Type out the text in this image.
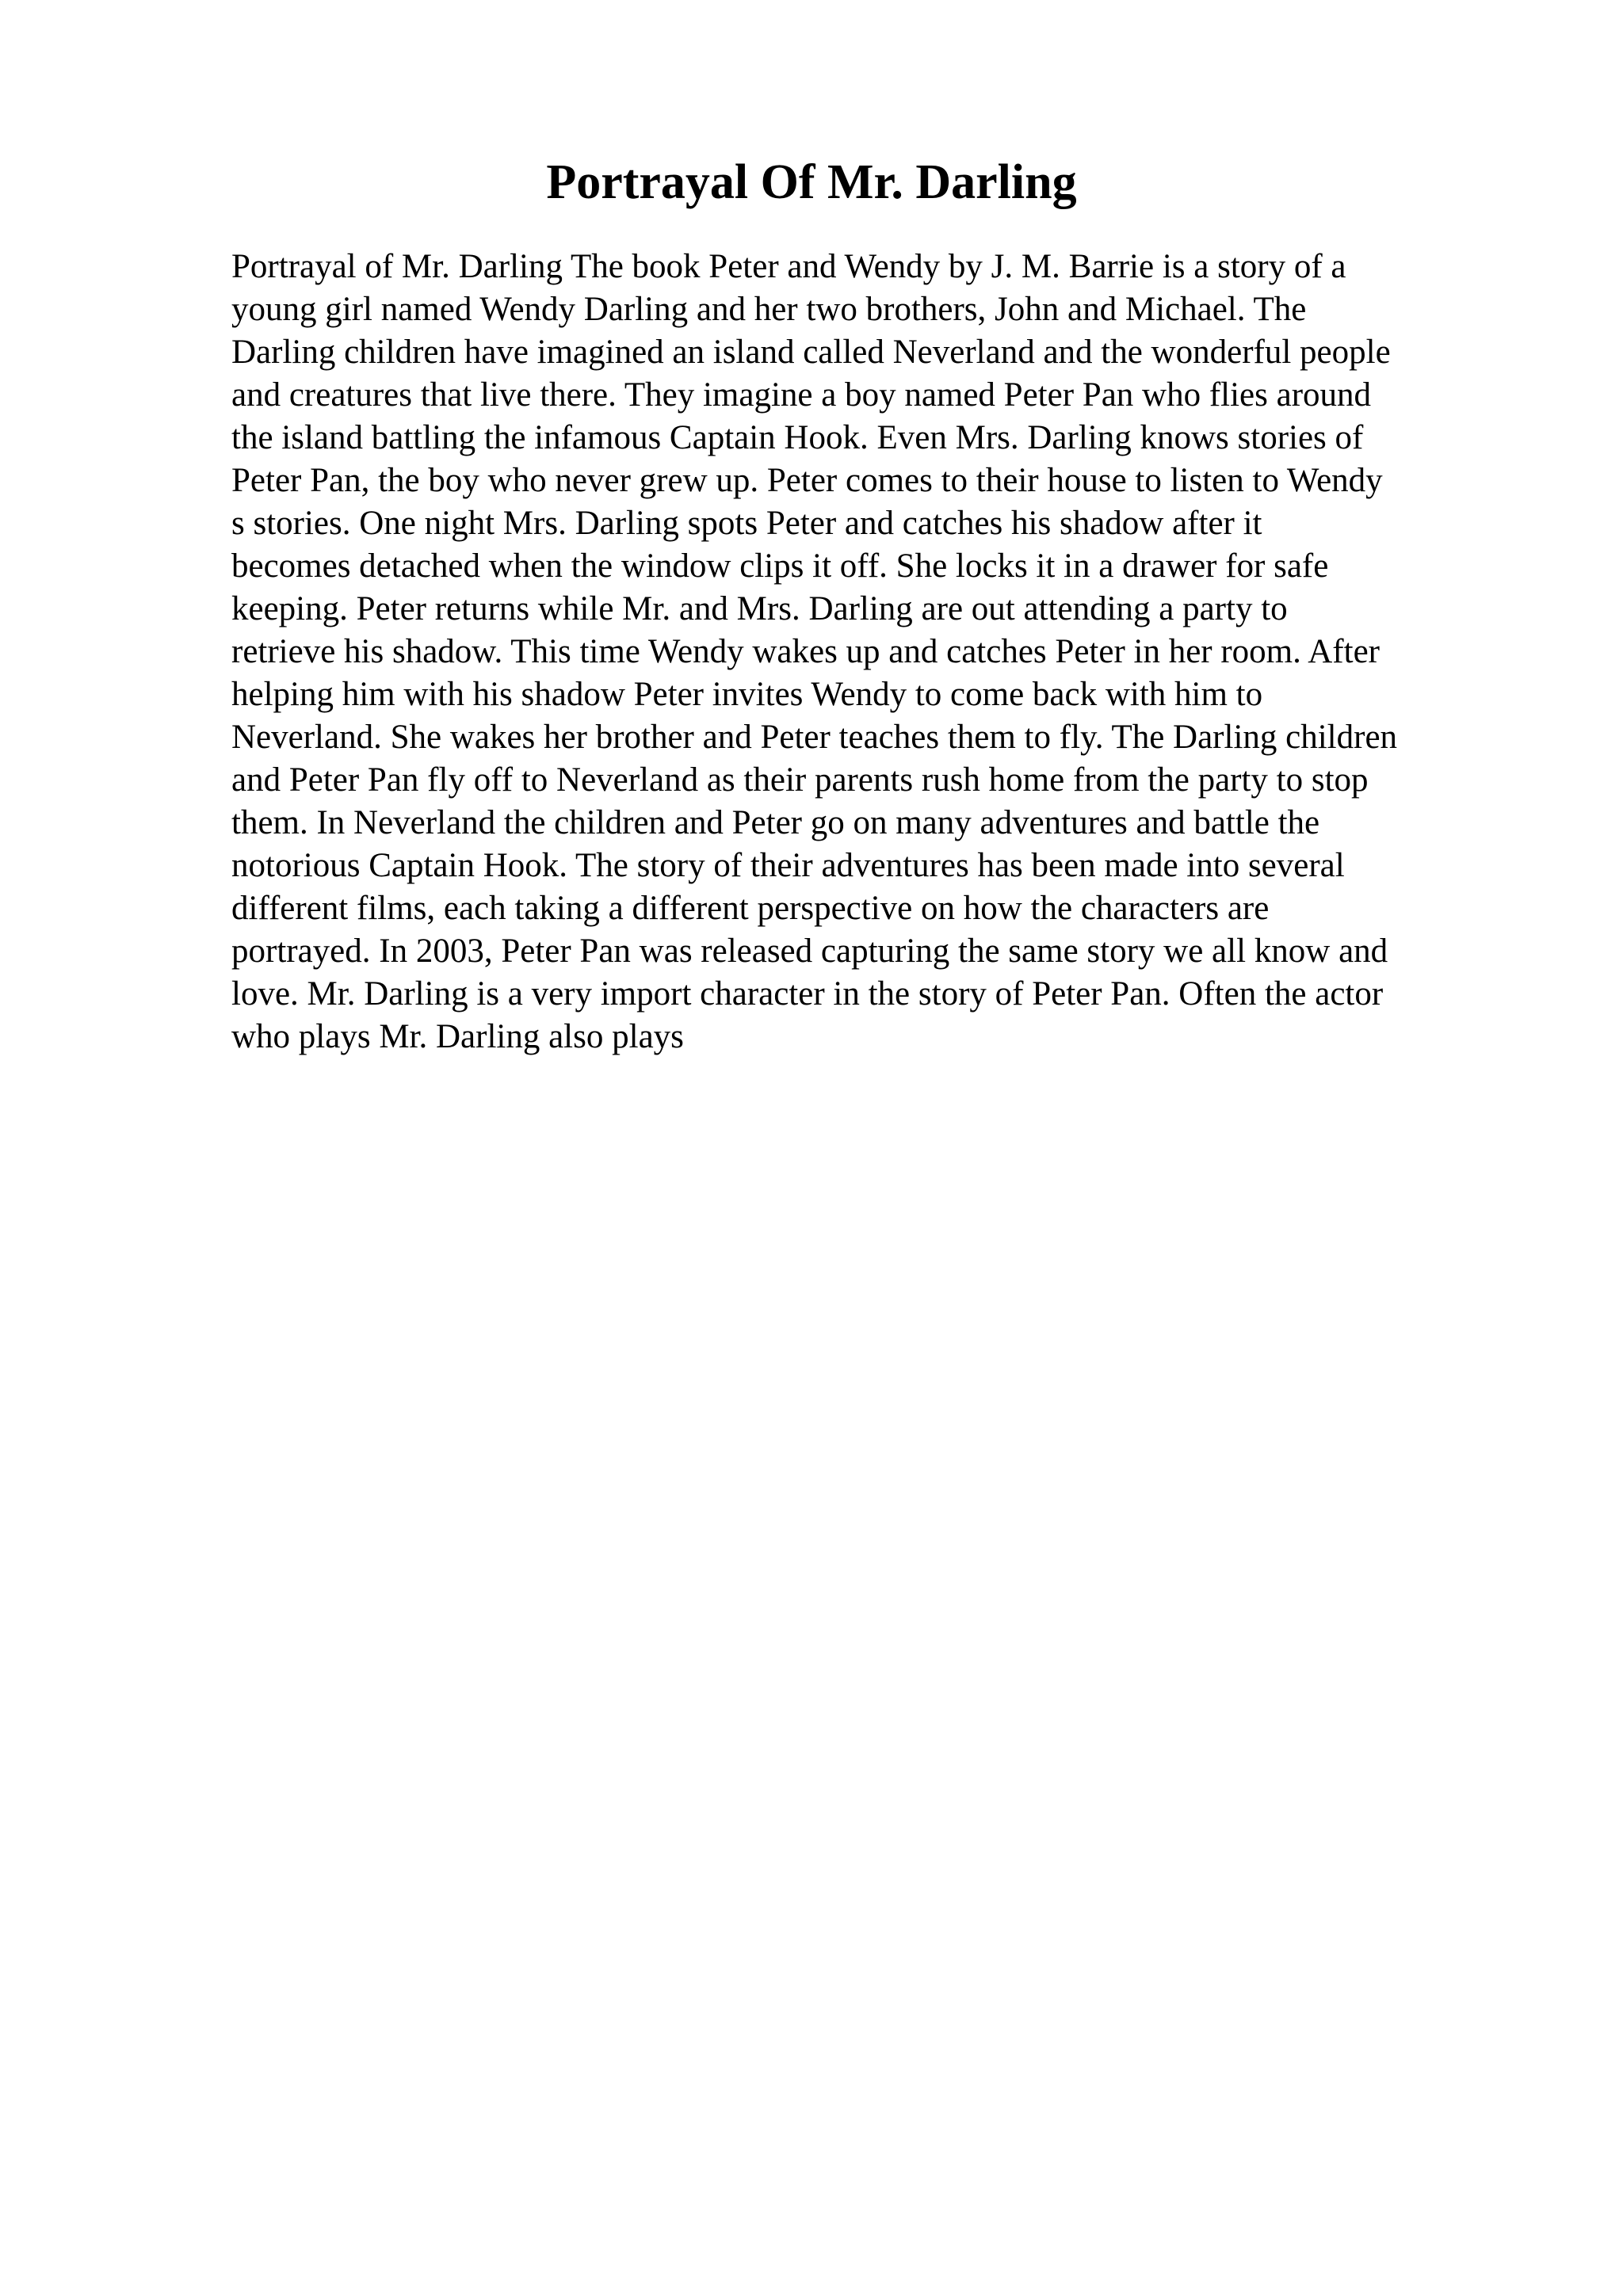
Portrayal Of Mr. Darling
Portrayal of Mr. Darling The book Peter and Wendy by J. M. Barrie is a story of a
young girl named Wendy Darling and her two brothers, John and Michael. The
Darling children have imagined an island called Neverland and the wonderful people
and creatures that live there. They imagine a boy named Peter Pan who flies around
the island battling the infamous Captain Hook. Even Mrs. Darling knows stories of
Peter Pan, the boy who never grew up. Peter comes to their house to listen to Wendy
s stories. One night Mrs. Darling spots Peter and catches his shadow after it
becomes detached when the window clips it off. She locks it in a drawer for safe
keeping. Peter returns while Mr. and Mrs. Darling are out attending a party to
retrieve his shadow. This time Wendy wakes up and catches Peter in her room. After
helping him with his shadow Peter invites Wendy to come back with him to
Neverland. She wakes her brother and Peter teaches them to fly. The Darling children
and Peter Pan fly off to Neverland as their parents rush home from the party to stop
them. In Neverland the children and Peter go on many adventures and battle the
notorious Captain Hook. The story of their adventures has been made into several
different films, each taking a different perspective on how the characters are
portrayed. In 2003, Peter Pan was released capturing the same story we all know and
love. Mr. Darling is a very import character in the story of Peter Pan. Often the actor
who plays Mr. Darling also plays
